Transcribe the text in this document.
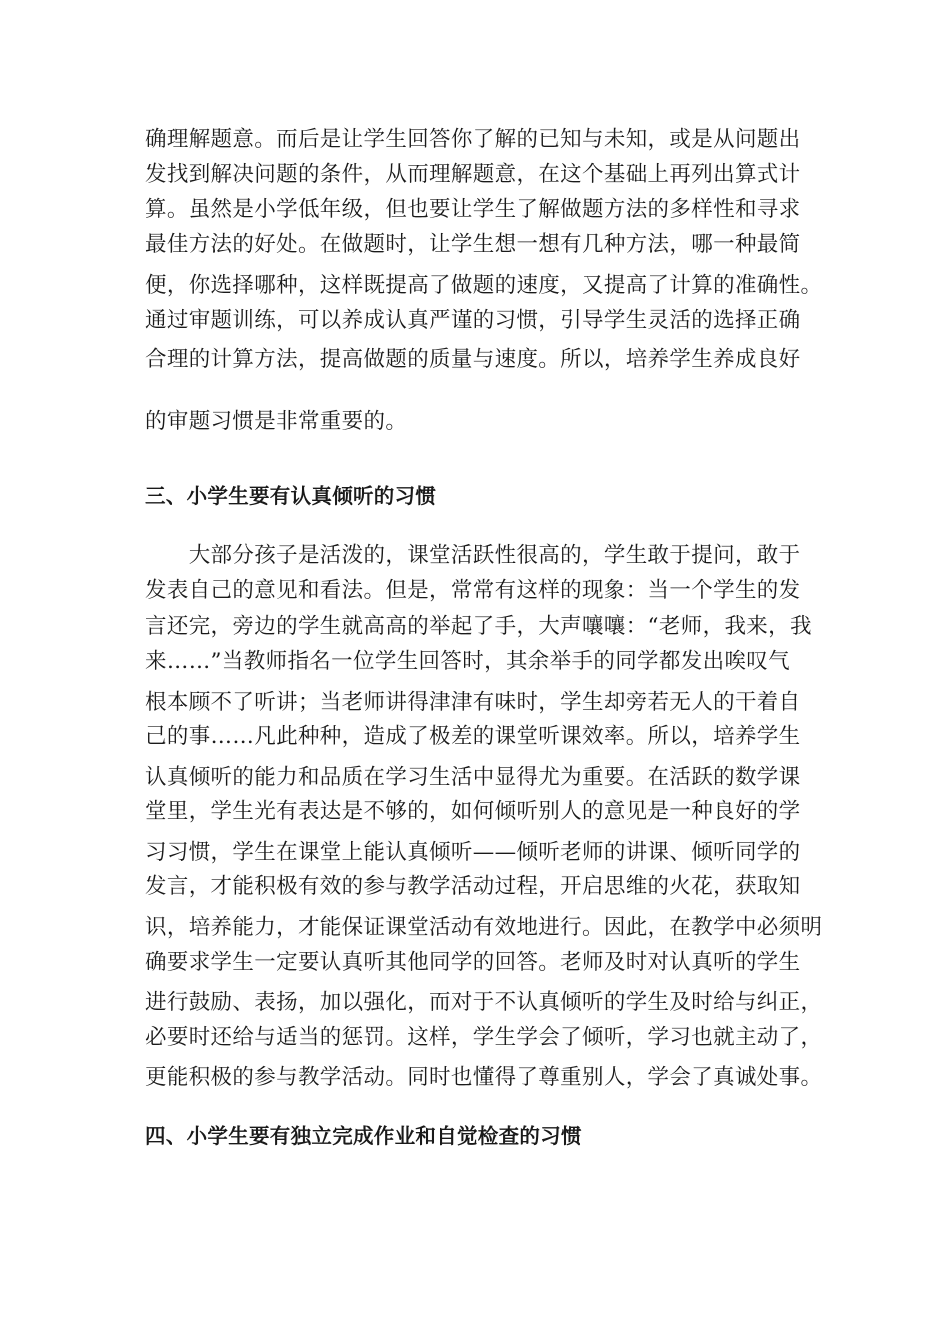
确理解题意。而后是让学生回答你了解的已知与未知，或是从问题出
发找到解决问题的条件，从而理解题意，在这个基础上再列出算式计
算。虽然是小学低年级，但也要让学生了解做题方法的多样性和寻求
最佳方法的好处。在做题时，让学生想一想有几种方法，哪一种最简
便，你选择哪种，这样既提高了做题的速度，又提高了计算的准确性。
通过审题训练，可以养成认真严谨的习惯，引导学生灵活的选择正确
合理的计算方法，提高做题的质量与速度。所以，培养学生养成良好
的审题习惯是非常重要的。
三、小学生要有认真倾听的习惯
　　大部分孩子是活泼的，课堂活跃性很高的，学生敢于提问，敢于
发表自己的意见和看法。但是，常常有这样的现象：当一个学生的发
言还完，旁边的学生就高高的举起了手，大声嚷嚷：“老师，我来，我
来……”当教师指名一位学生回答时，其余举手的同学都发出唉叹气
根本顾不了听讲；当老师讲得津津有味时，学生却旁若无人的干着自
己的事……凡此种种，造成了极差的课堂听课效率。所以，培养学生
认真倾听的能力和品质在学习生活中显得尤为重要。在活跃的数学课
堂里，学生光有表达是不够的，如何倾听别人的意见是一种良好的学
习习惯，学生在课堂上能认真倾听——倾听老师的讲课、倾听同学的
发言，才能积极有效的参与教学活动过程，开启思维的火花，获取知
识，培养能力，才能保证课堂活动有效地进行。因此，在教学中必须明
确要求学生一定要认真听其他同学的回答。老师及时对认真听的学生
进行鼓励、表扬，加以强化，而对于不认真倾听的学生及时给与纠正，
必要时还给与适当的惩罚。这样，学生学会了倾听，学习也就主动了，
更能积极的参与教学活动。同时也懂得了尊重别人，学会了真诚处事。
四、小学生要有独立完成作业和自觉检查的习惯
